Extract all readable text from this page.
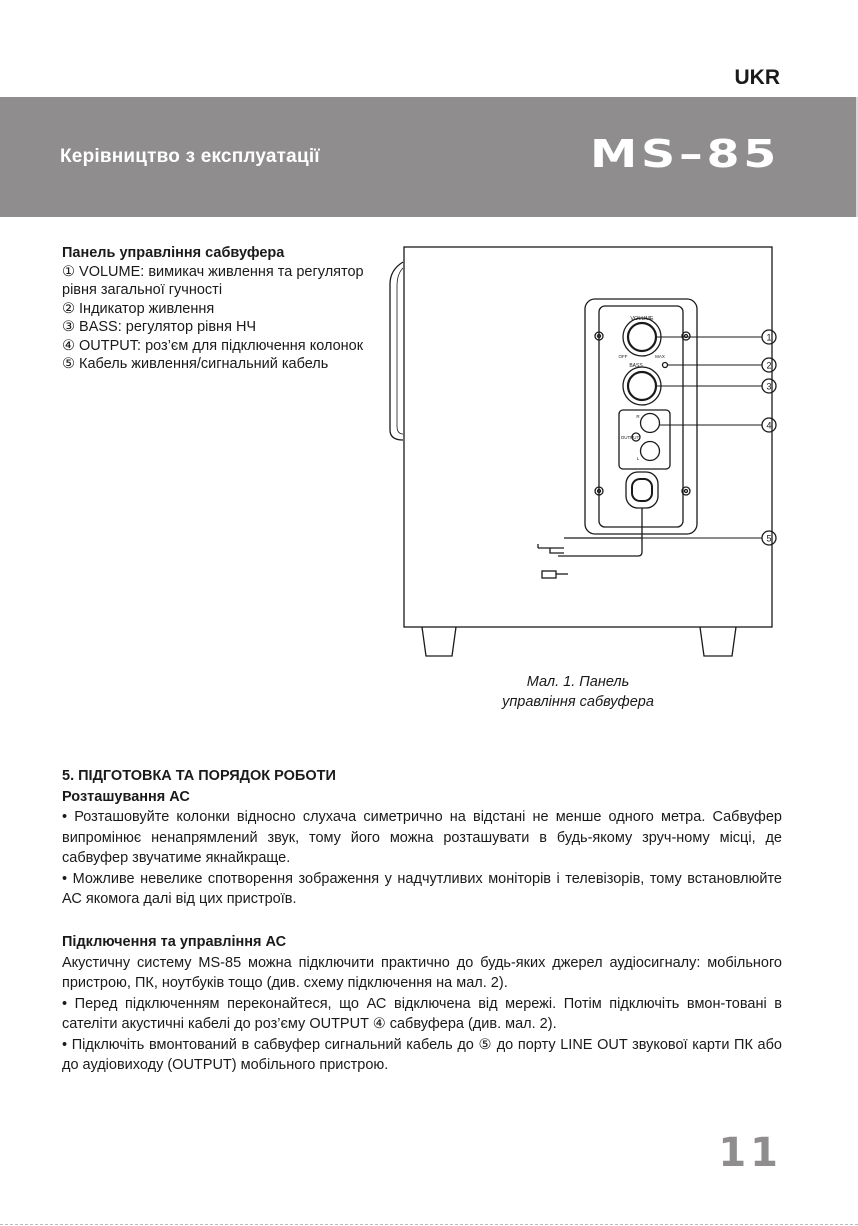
UKR
Керівництво з експлуатації	MS–85
Панель управління сабвуфера
① VOLUME: вимикач живлення та регулятор рівня загальної гучності
② Індикатор живлення
③ BASS: регулятор рівня НЧ
④ OUTPUT: роз’єм для підключення колонок
⑤ Кабель живлення/сигнальний кабель
VOLUME
OFF	MAX
BASS
OUTPUT
R
L
1
2
3
4
5
Мал. 1. Панель
управління сабвуфера
5. ПІДГОТОВКА ТА ПОРЯДОК РОБОТИ
Розташування АС
• Розташовуйте колонки відносно слухача симетрично на відстані не менше одного метра. Сабвуфер випромінює ненапрямлений звук, тому його можна розташувати в будь-якому зруч-ному місці, де сабвуфер звучатиме якнайкраще.
• Можливе невелике спотворення зображення у надчутливих моніторів і телевізорів, тому встановлюйте АС якомога далі від цих пристроїв.
Підключення та управління АС
Акустичну систему MS-85 можна підключити практично до будь-яких джерел аудіосигналу: мобільного пристрою, ПК, ноутбуків тощо (див. схему підключення на мал. 2).
• Перед підключенням переконайтеся, що АС відключена від мережі. Потім підключіть вмон-товані в сателіти акустичні кабелі до роз’єму OUTPUT ④ сабвуфера (див. мал. 2).
• Підключіть вмонтований в сабвуфер сигнальний кабель до ⑤ до порту LINE OUT звукової карти ПК або до аудіовиходу (OUTPUT) мобільного пристрою.
11
